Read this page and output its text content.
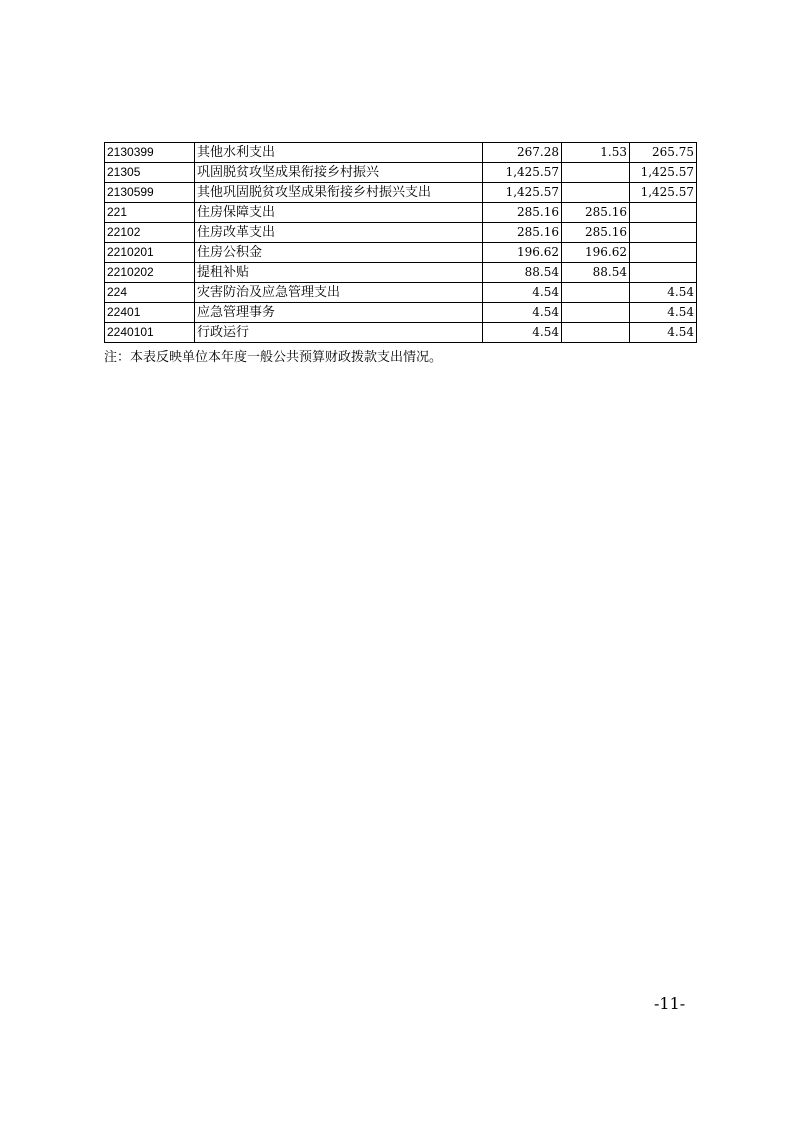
2130399	其他水利支出	267.28	1.53	265.75
21305	巩固脱贫攻坚成果衔接乡村振兴	1,425.57		1,425.57
2130599	其他巩固脱贫攻坚成果衔接乡村振兴支出	1,425.57		1,425.57
221	住房保障支出	285.16	285.16	
22102	住房改革支出	285.16	285.16	
2210201	住房公积金	196.62	196.62	
2210202	提租补贴	88.54	88.54	
224	灾害防治及应急管理支出	4.54		4.54
22401	应急管理事务	4.54		4.54
2240101	行政运行	4.54		4.54
注：本表反映单位本年度一般公共预算财政拨款支出情况。
-11-
